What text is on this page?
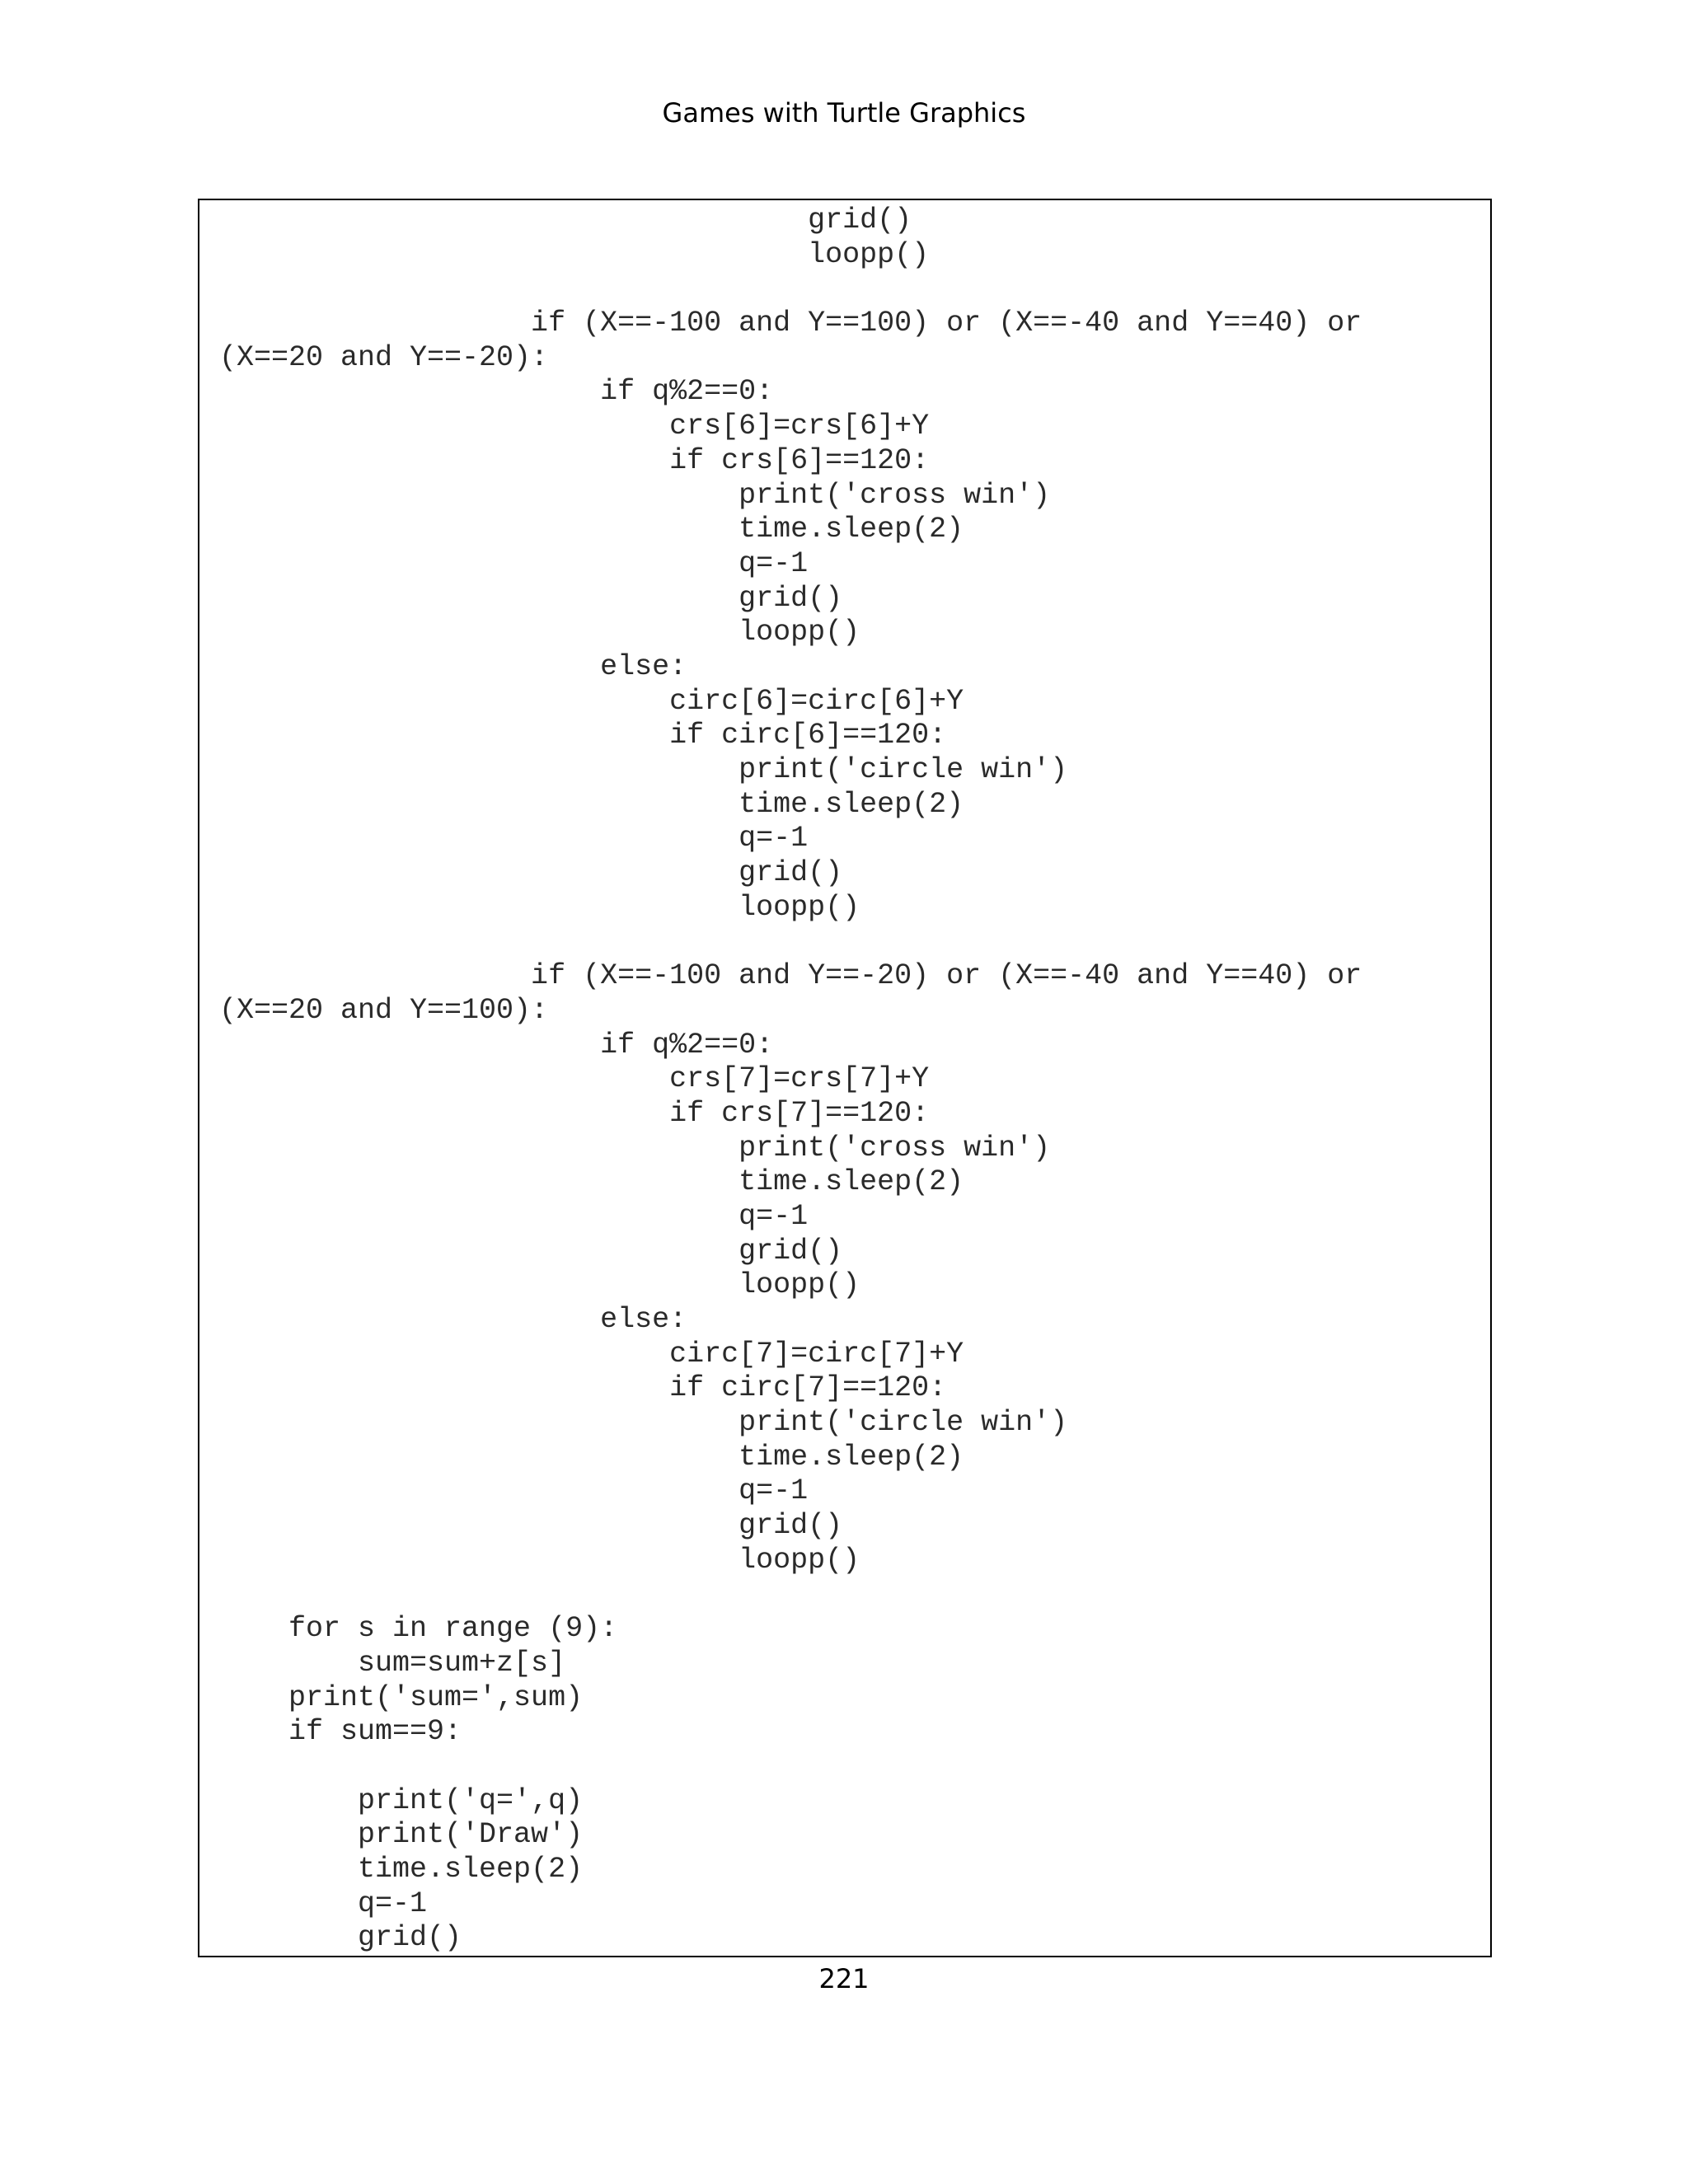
Games with Turtle Graphics
grid()
loopp()
if (X==-100 and Y==100) or (X==-40 and Y==40) or
(X==20 and Y==-20):
if q%2==0:
crs[6]=crs[6]+Y
if crs[6]==120:
print('cross win')
time.sleep(2)
q=-1
grid()
loopp()
else:
circ[6]=circ[6]+Y
if circ[6]==120:
print('circle win')
time.sleep(2)
q=-1
grid()
loopp()
if (X==-100 and Y==-20) or (X==-40 and Y==40) or
(X==20 and Y==100):
if q%2==0:
crs[7]=crs[7]+Y
if crs[7]==120:
print('cross win')
time.sleep(2)
q=-1
grid()
loopp()
else:
circ[7]=circ[7]+Y
if circ[7]==120:
print('circle win')
time.sleep(2)
q=-1
grid()
loopp()
for s in range (9):
sum=sum+z[s]
print('sum=',sum)
if sum==9:
print('q=',q)
print('Draw')
time.sleep(2)
q=-1
grid()
221
